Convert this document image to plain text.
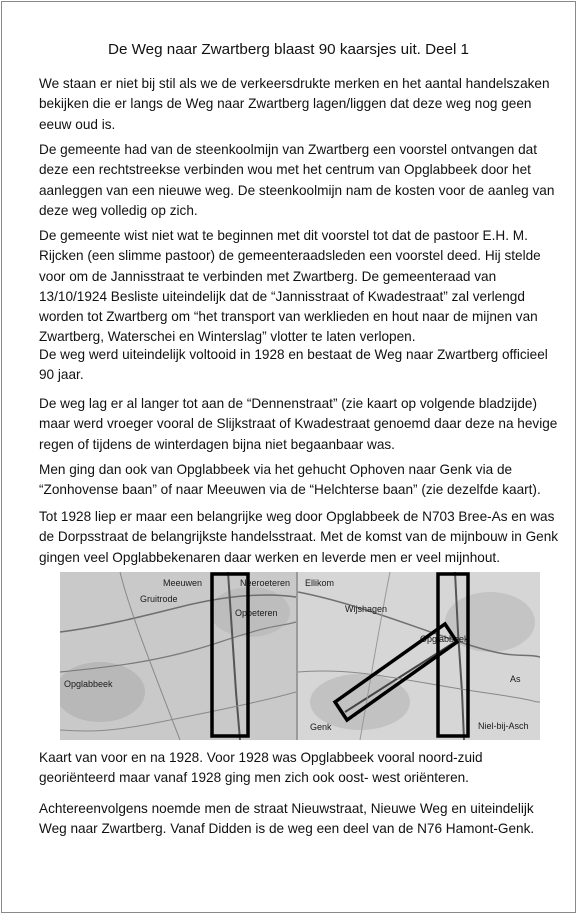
De Weg naar Zwartberg blaast 90 kaarsjes uit. Deel 1

We staan er niet bij stil als we de verkeersdrukte merken en het aantal handelszaken bekijken die er langs de Weg naar Zwartberg lagen/liggen dat deze weg nog geen eeuw oud is.

De gemeente had van de steenkoolmijn van Zwartberg een voorstel ontvangen dat deze een rechtstreekse verbinden wou met het centrum van Opglabbeek door het aanleggen van een nieuwe weg. De steenkoolmijn nam de kosten voor de aanleg van deze weg volledig op zich.

De gemeente wist niet wat te beginnen met dit voorstel tot dat de pastoor E.H. M. Rijcken (een slimme pastoor) de gemeenteraadsleden een voorstel deed. Hij stelde voor om de Jannisstraat te verbinden met Zwartberg. De gemeenteraad van 13/10/1924 Besliste uiteindelijk dat de “Jannisstraat of Kwadestraat” zal verlengd worden tot Zwartberg om “het transport van werklieden en hout naar de mijnen van Zwartberg, Waterschei en Winterslag” vlotter te laten verlopen.

De weg werd uiteindelijk voltooid in 1928 en bestaat de Weg naar Zwartberg officieel 90 jaar.

De weg lag er al langer tot aan de “Dennenstraat” (zie kaart op volgende bladzijde) maar werd vroeger vooral de Slijkstraat of Kwadestraat genoemd daar deze na hevige regen of tijdens de winterdagen bijna niet begaanbaar was.

Men ging dan ook van Opglabbeek via het gehucht Ophoven naar Genk via de “Zonhovense baan” of naar Meeuwen via de “Helchterse baan” (zie dezelfde kaart).

Tot 1928 liep er maar een belangrijke weg door Opglabbeek de N703 Bree-As en was de Dorpsstraat de belangrijkste handelsstraat. Met de komst van de mijnbouw in Genk gingen veel Opglabbekenaren daar werken en leverde men er veel mijnhout.

Meeuwen
Gruitrode
Opglabbeek
Opoeteren
Neeroeteren
Opglabbeek
Niel-bij-Asch
Ellikom
Wijshagen
Genk
As

Kaart van voor en na 1928. Voor 1928 was Opglabbeek vooral noord-zuid georiënteerd maar vanaf 1928 ging men zich ook oost- west oriënteren.

Achtereenvolgens noemde men de straat Nieuwstraat, Nieuwe Weg en uiteindelijk Weg naar Zwartberg. Vanaf Didden is de weg een deel van de N76 Hamont-Genk.
